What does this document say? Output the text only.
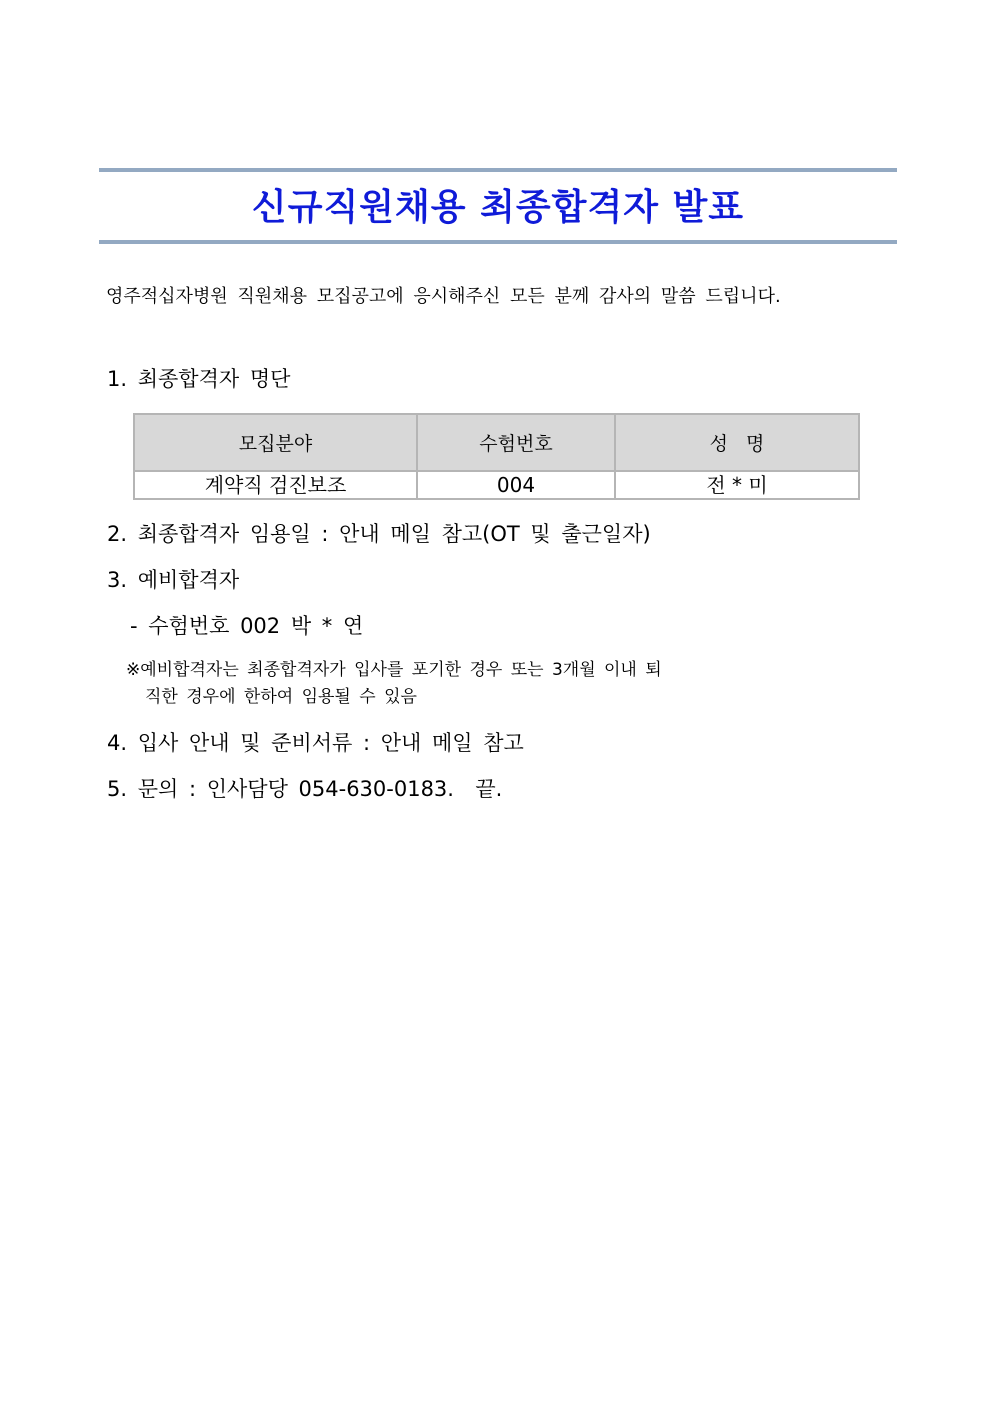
신규직원채용 최종합격자 발표
영주적십자병원 직원채용 모집공고에 응시해주신 모든 분께 감사의 말씀 드립니다.
1. 최종합격자 명단
모집분야	수험번호	성   명
계약직 검진보조	004	전 * 미
2. 최종합격자 임용일 : 안내 메일 참고(OT 및 출근일자)
3. 예비합격자
- 수험번호 002 박 * 연
※예비합격자는 최종합격자가 입사를 포기한 경우 또는 3개월 이내 퇴
직한 경우에 한하여 임용될 수 있음
4. 입사 안내 및 준비서류 : 안내 메일 참고
5. 문의 : 인사담당 054-630-0183.  끝.
